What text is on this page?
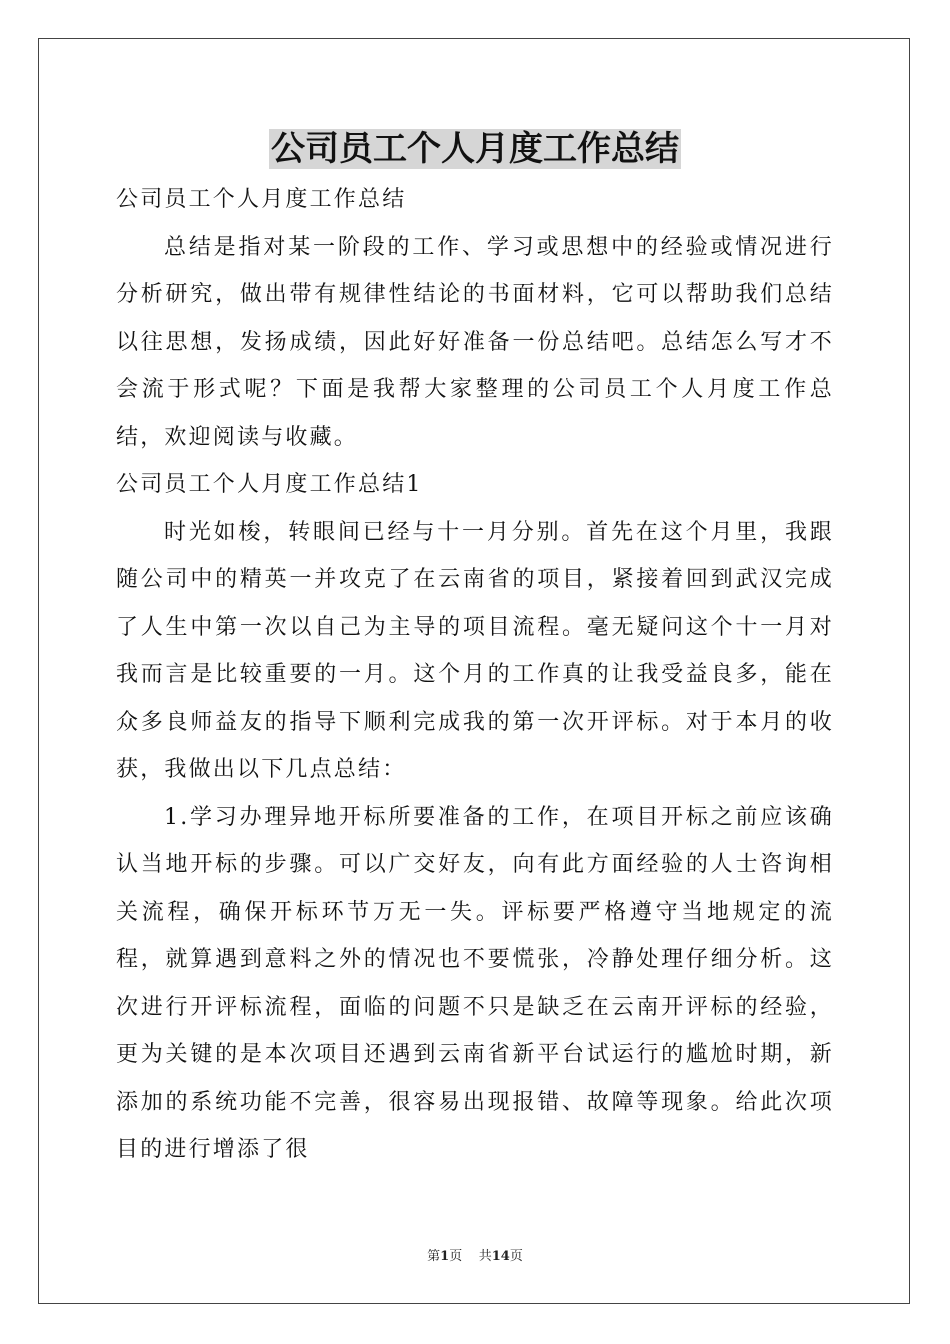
公司员工个人月度工作总结

公司员工个人月度工作总结

总结是指对某一阶段的工作、学习或思想中的经验或情况进行分析研究，做出带有规律性结论的书面材料，它可以帮助我们总结以往思想，发扬成绩，因此好好准备一份总结吧。总结怎么写才不会流于形式呢？下面是我帮大家整理的公司员工个人月度工作总结，欢迎阅读与收藏。

公司员工个人月度工作总结1

时光如梭，转眼间已经与十一月分别。首先在这个月里，我跟随公司中的精英一并攻克了在云南省的项目，紧接着回到武汉完成了人生中第一次以自己为主导的项目流程。毫无疑问这个十一月对我而言是比较重要的一月。这个月的工作真的让我受益良多，能在众多良师益友的指导下顺利完成我的第一次开评标。对于本月的收获，我做出以下几点总结：

1.学习办理异地开标所要准备的工作，在项目开标之前应该确认当地开标的步骤。可以广交好友，向有此方面经验的人士咨询相关流程，确保开标环节万无一失。评标要严格遵守当地规定的流程，就算遇到意料之外的情况也不要慌张，冷静处理仔细分析。这次进行开评标流程，面临的问题不只是缺乏在云南开评标的经验，更为关键的是本次项目还遇到云南省新平台试运行的尴尬时期，新添加的系统功能不完善，很容易出现报错、故障等现象。给此次项目的进行增添了很

第1页 共14页
